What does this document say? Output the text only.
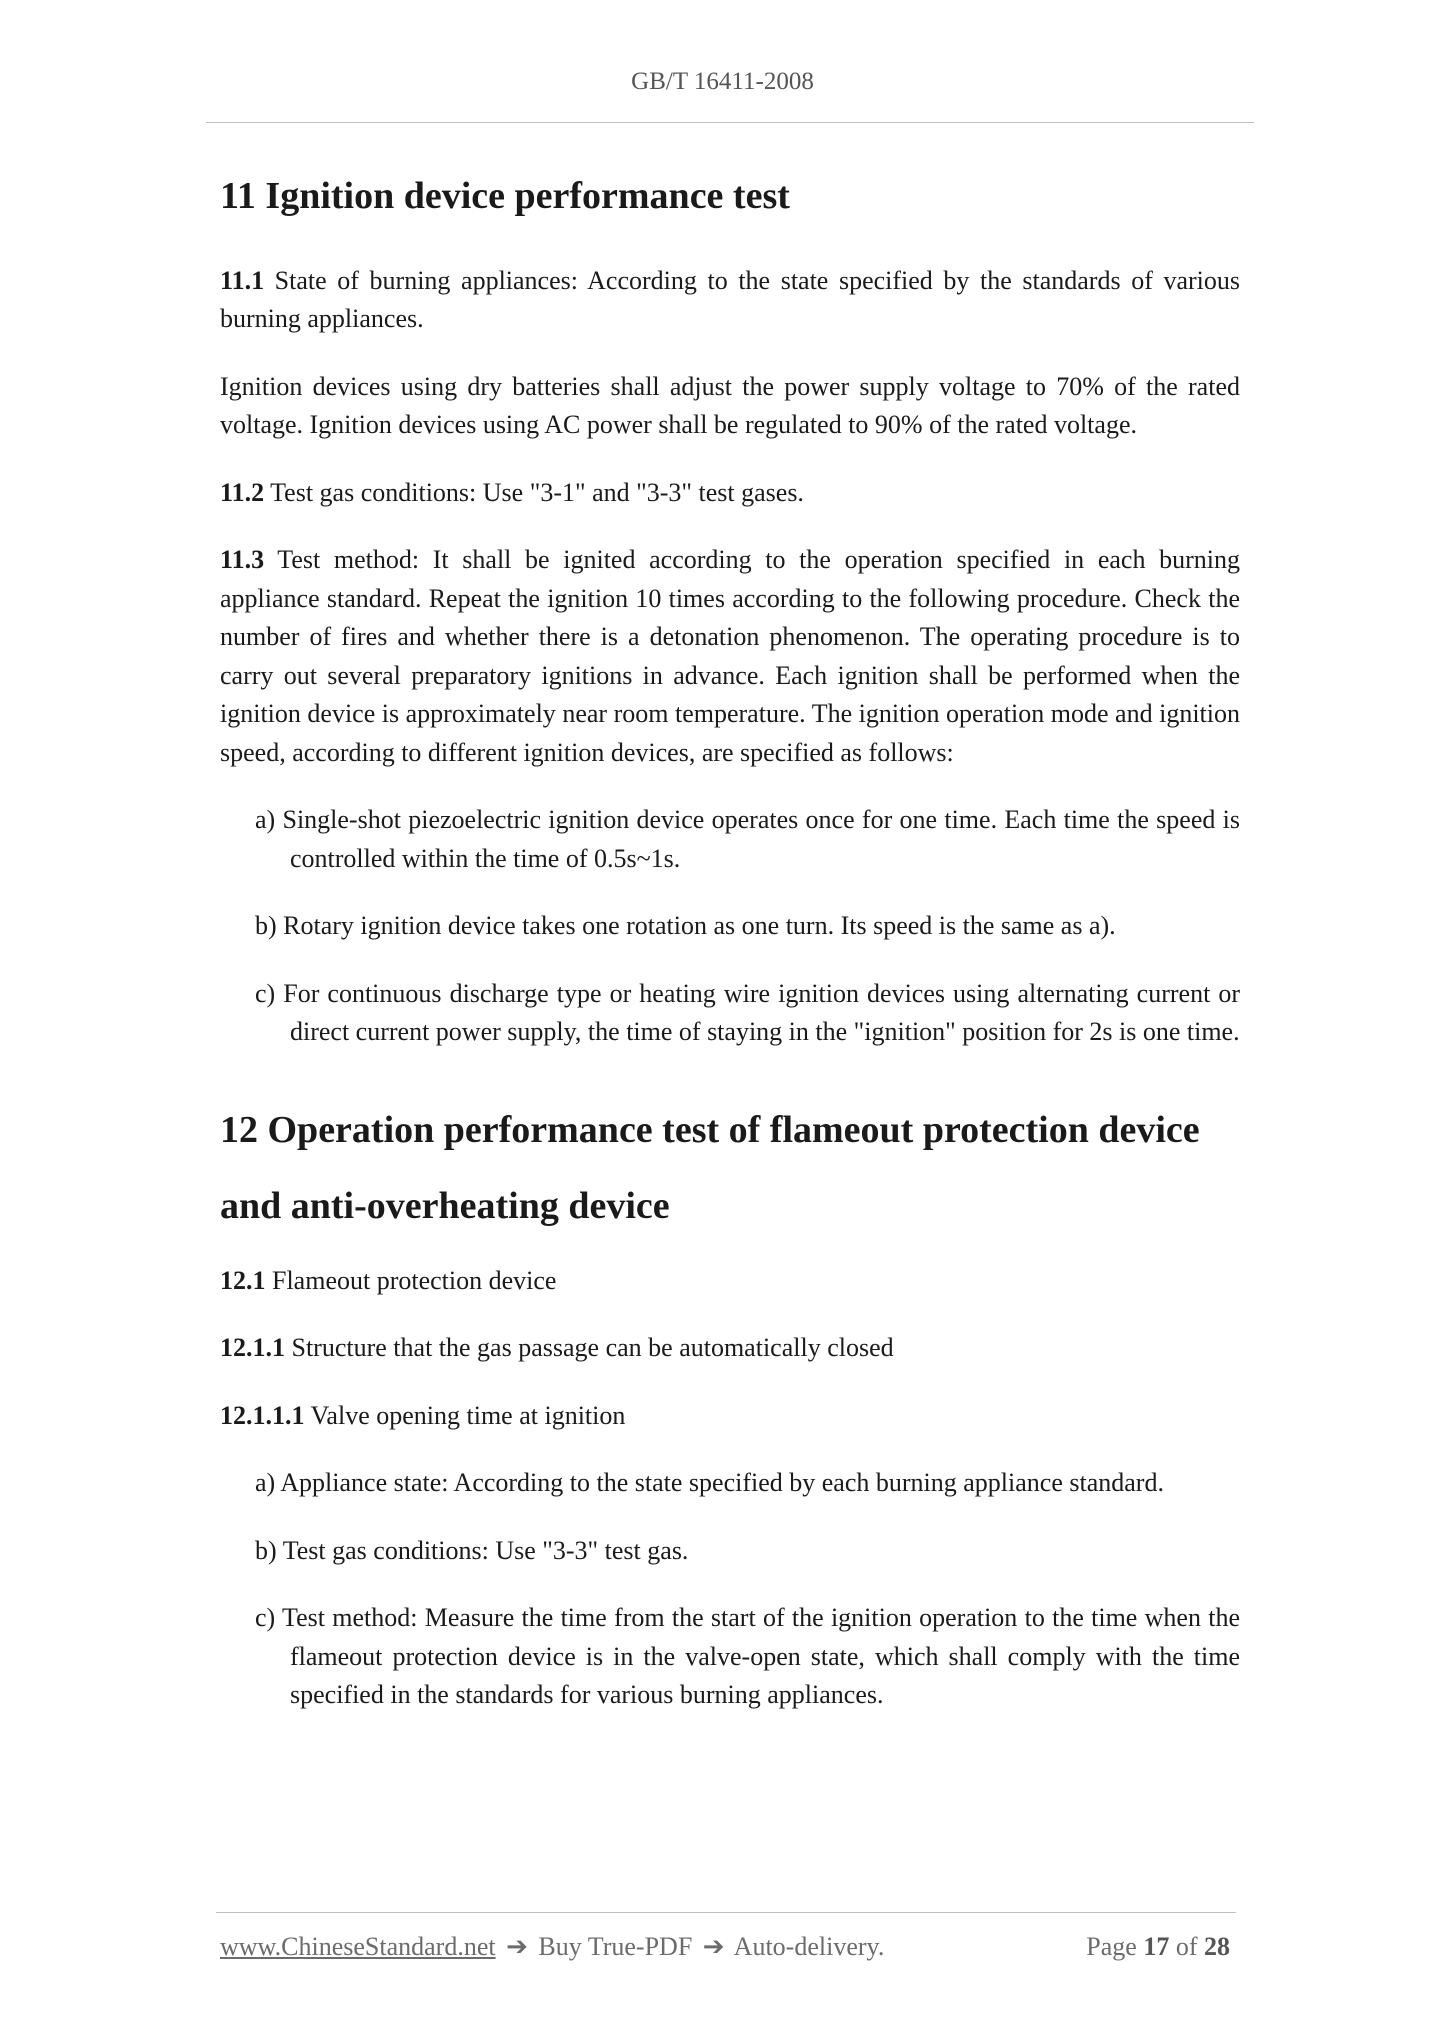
GB/T 16411-2008
11 Ignition device performance test

11.1 State of burning appliances: According to the state specified by the standards of various burning appliances.

Ignition devices using dry batteries shall adjust the power supply voltage to 70% of the rated voltage. Ignition devices using AC power shall be regulated to 90% of the rated voltage.

11.2 Test gas conditions: Use "3-1" and "3-3" test gases.

11.3 Test method: It shall be ignited according to the operation specified in each burning appliance standard. Repeat the ignition 10 times according to the following procedure. Check the number of fires and whether there is a detonation phenomenon. The operating procedure is to carry out several preparatory ignitions in advance. Each ignition shall be performed when the ignition device is approximately near room temperature. The ignition operation mode and ignition speed, according to different ignition devices, are specified as follows:

a) Single-shot piezoelectric ignition device operates once for one time. Each time the speed is controlled within the time of 0.5s~1s.

b) Rotary ignition device takes one rotation as one turn. Its speed is the same as a).

c) For continuous discharge type or heating wire ignition devices using alternating current or direct current power supply, the time of staying in the "ignition" position for 2s is one time.

12 Operation performance test of flameout protection device and anti-overheating device

12.1 Flameout protection device

12.1.1 Structure that the gas passage can be automatically closed

12.1.1.1 Valve opening time at ignition

a) Appliance state: According to the state specified by each burning appliance standard.

b) Test gas conditions: Use "3-3" test gas.

c) Test method: Measure the time from the start of the ignition operation to the time when the flameout protection device is in the valve-open state, which shall comply with the time specified in the standards for various burning appliances.

www.ChineseStandard.net ➔ Buy True-PDF ➔ Auto-delivery.	Page 17 of 28
